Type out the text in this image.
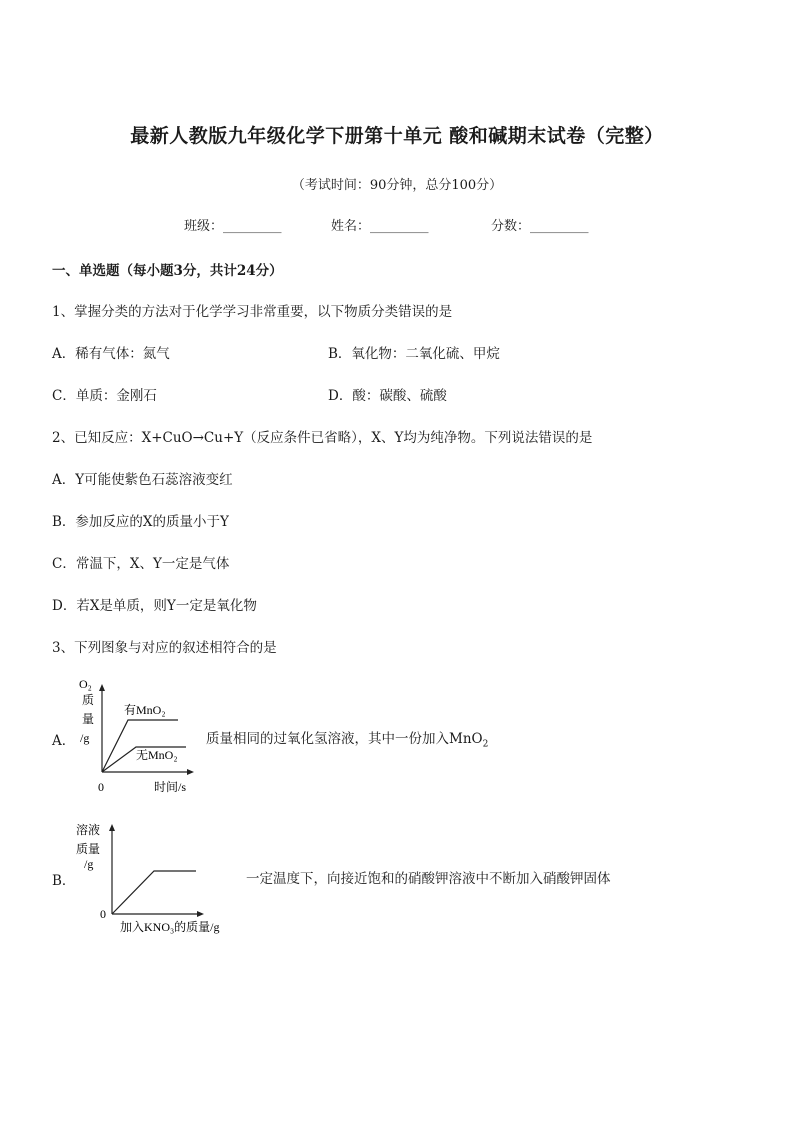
最新人教版九年级化学下册第十单元 酸和碱期末试卷（完整）
（考试时间：90分钟，总分100分）
班级：_________	姓名：_________	分数：_________
一、单选题（每小题3分，共计24分）
1、掌握分类的方法对于化学学习非常重要，以下物质分类错误的是
A．稀有气体：氮气	B．氧化物：二氧化硫、甲烷
C．单质：金刚石	D．酸：碳酸、硫酸
2、已知反应：X+CuO→Cu+Y（反应条件已省略），X、Y均为纯净物。下列说法错误的是
A．Y可能使紫色石蕊溶液变红
B．参加反应的X的质量小于Y
C．常温下，X、Y一定是气体
D．若X是单质，则Y一定是氧化物
3、下列图象与对应的叙述相符合的是
A．
O₂
质
量
/g
有MnO₂
无MnO₂
0	时间/s
质量相同的过氧化氢溶液，其中一份加入MnO$_2$
B．
溶液
质量
/g
0
加入KNO₃的质量/g
一定温度下，向接近饱和的硝酸钾溶液中不断加入硝酸钾固体
